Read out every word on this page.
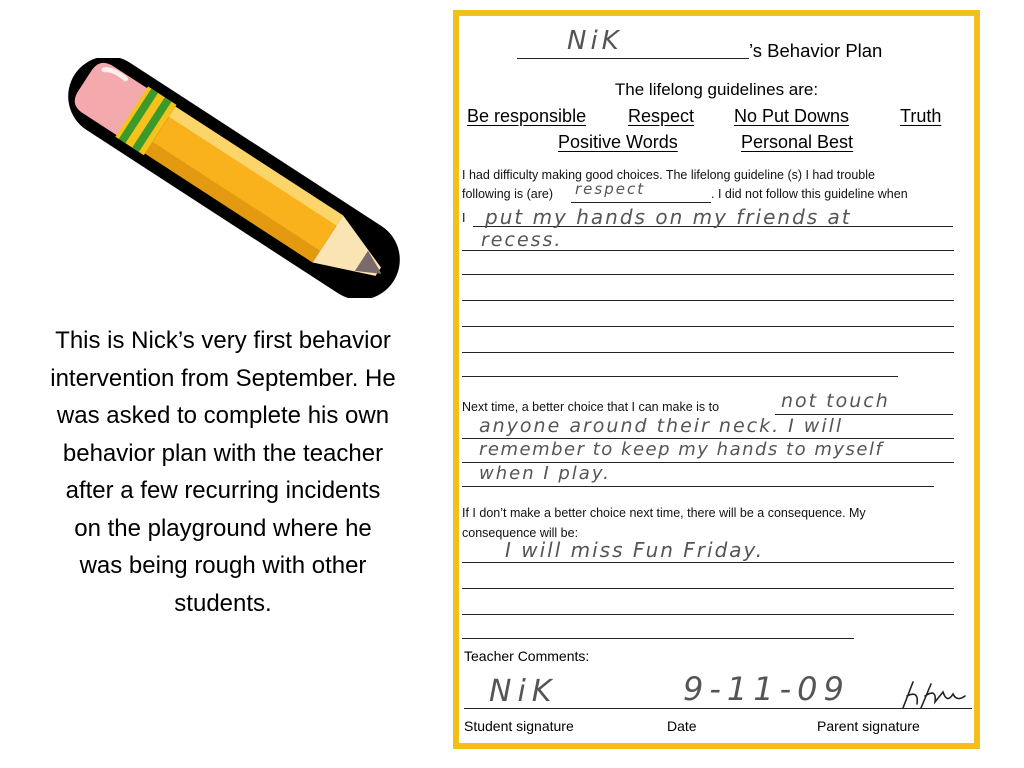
This is Nick’s very first behavior intervention from September. He was asked to complete his own behavior plan with the teacher after a few recurring incidents on the playground where he was being rough with other students.

NiK	’s Behavior Plan
The lifelong guidelines are:
Be responsible Respect No Put Downs	Truth
Positive Words	Personal Best
I had difficulty making good choices. The lifelong guideline (s) I had trouble
following is (are) respect	. I did not follow this guideline when
I put my hands on my friends at
recess.
Next time, a better choice that I can make is to	not touch
anyone around their neck. I will
remember to keep my hands to myself
when I play.
If I don’t make a better choice next time, there will be a consequence. My
consequence will be:
I will miss Fun Friday.
Teacher Comments:
NiK	9-11-09
Student signature	Date	Parent signature
